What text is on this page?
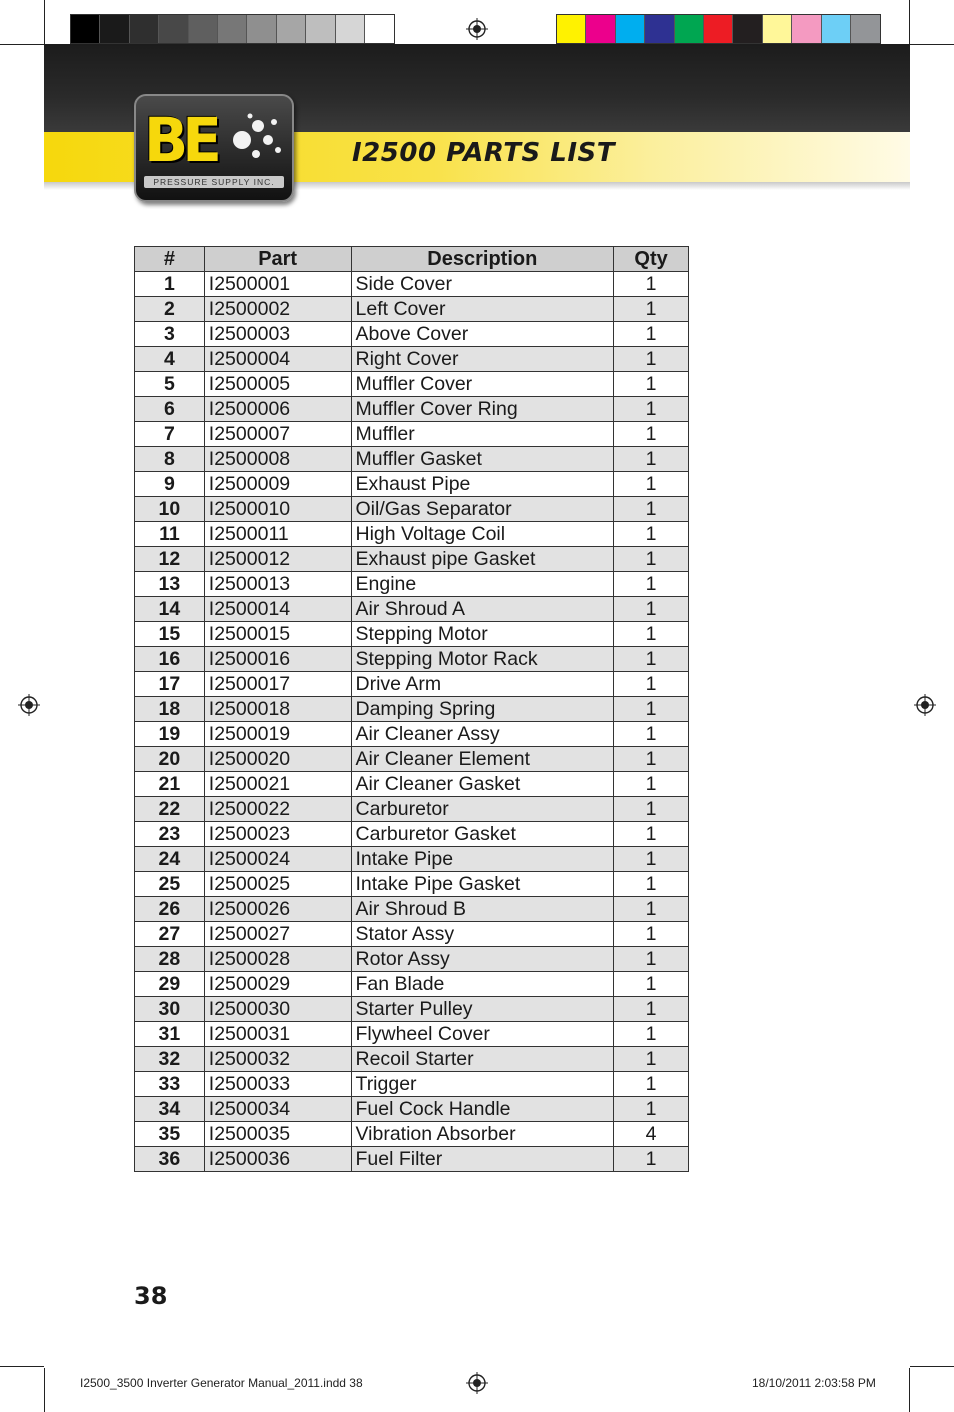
BE
PRESSURE SUPPLY INC.
I2500 PARTS LIST
#	Part	Description	Qty
1	I2500001	Side Cover	1
2	I2500002	Left Cover	1
3	I2500003	Above Cover	1
4	I2500004	Right Cover	1
5	I2500005	Muffler Cover	1
6	I2500006	Muffler Cover Ring	1
7	I2500007	Muffler	1
8	I2500008	Muffler Gasket	1
9	I2500009	Exhaust Pipe	1
10	I2500010	Oil/Gas Separator	1
11	I2500011	High Voltage Coil	1
12	I2500012	Exhaust pipe Gasket	1
13	I2500013	Engine	1
14	I2500014	Air Shroud A	1
15	I2500015	Stepping Motor	1
16	I2500016	Stepping Motor Rack	1
17	I2500017	Drive Arm	1
18	I2500018	Damping Spring	1
19	I2500019	Air Cleaner Assy	1
20	I2500020	Air Cleaner Element	1
21	I2500021	Air Cleaner Gasket	1
22	I2500022	Carburetor	1
23	I2500023	Carburetor Gasket	1
24	I2500024	Intake Pipe	1
25	I2500025	Intake Pipe Gasket	1
26	I2500026	Air Shroud B	1
27	I2500027	Stator Assy	1
28	I2500028	Rotor Assy	1
29	I2500029	Fan Blade	1
30	I2500030	Starter Pulley	1
31	I2500031	Flywheel Cover	1
32	I2500032	Recoil Starter	1
33	I2500033	Trigger	1
34	I2500034	Fuel Cock Handle	1
35	I2500035	Vibration Absorber	4
36	I2500036	Fuel Filter	1
38
I2500_3500 Inverter Generator Manual_2011.indd 38	18/10/2011 2:03:58 PM
